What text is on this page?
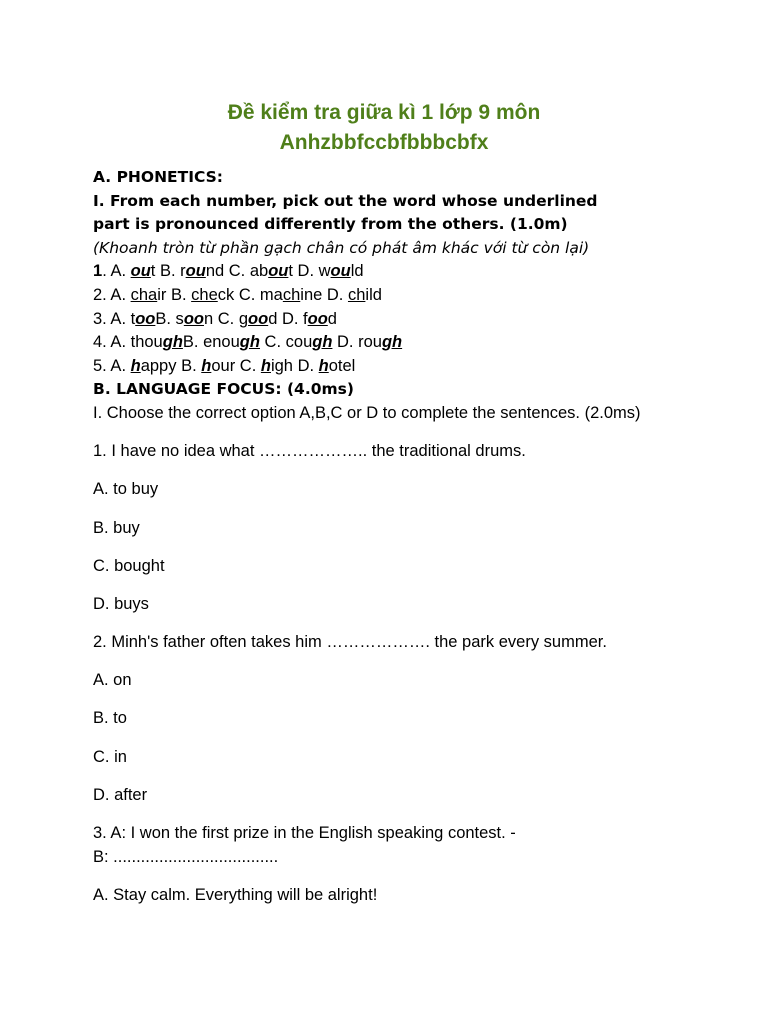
Đề kiểm tra giữa kì 1 lớp 9 môn
Anhzbbfccbfbbbcbfx
A. PHONETICS:
I. From each number, pick out the word whose underlined
part is pronounced differently from the others. (1.0m)
(Khoanh tròn từ phần gạch chân có phát âm khác với từ còn lại)
1. A. out B. round C. about D. would
2. A. chair B. check C. machine D. child
3. A. tooB. soon C. good D. food
4. A. thoughB. enough C. cough D. rough
5. A. happy B. hour C. high D. hotel
B. LANGUAGE FOCUS: (4.0ms)
I. Choose the correct option A,B,C or D to complete the sentences. (2.0ms)
1. I have no idea what ……………….. the traditional drums.
A. to buy
B. buy
C. bought
D. buys
2. Minh's father often takes him ………………. the park every summer.
A. on
B. to
C. in
D. after
3. A: I won the first prize in the English speaking contest. -
B: ....................................
A. Stay calm. Everything will be alright!
